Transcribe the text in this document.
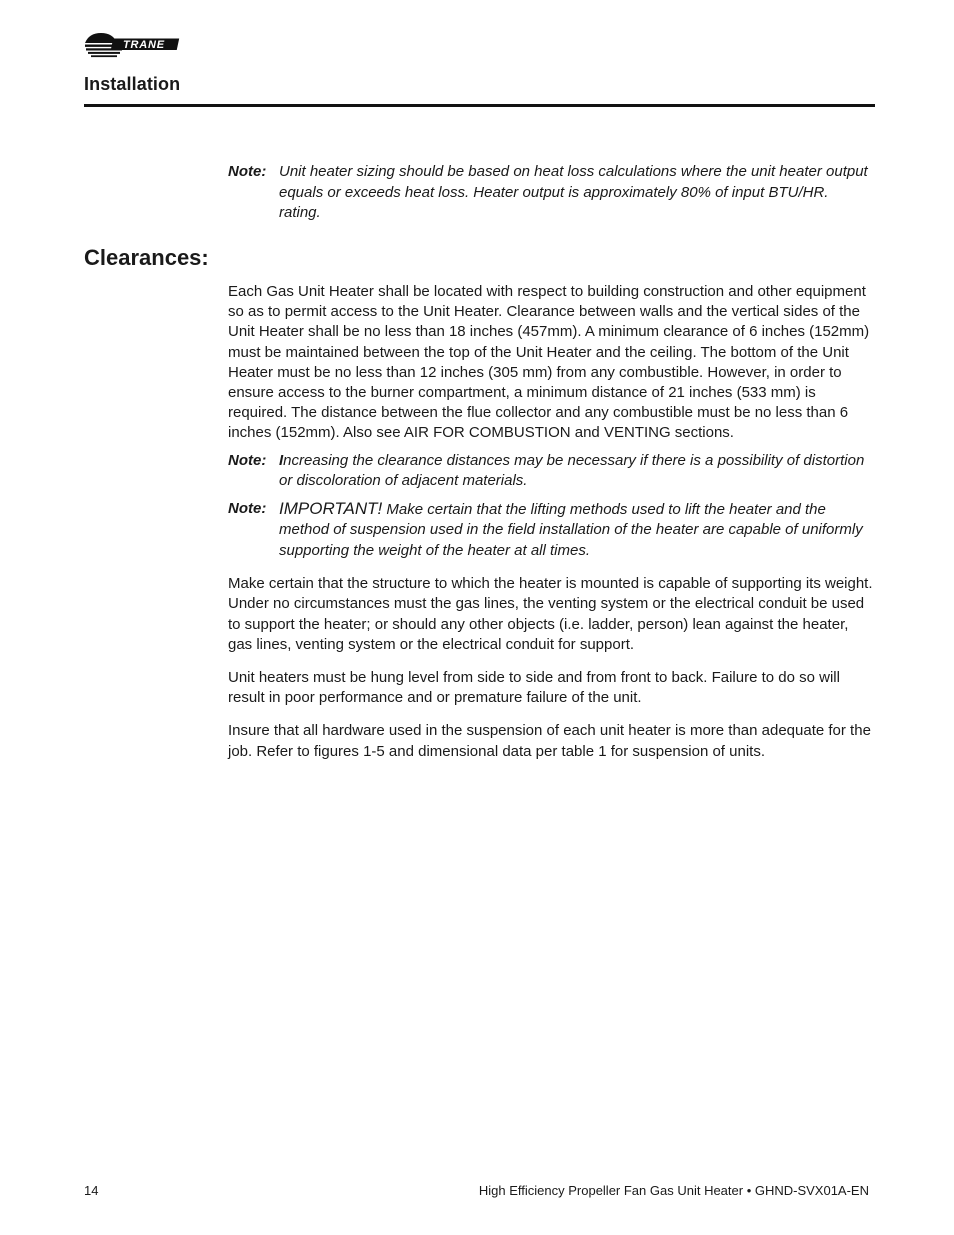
TRANE
Installation
Note: Unit heater sizing should be based on heat loss calculations where the unit heater output equals or exceeds heat loss. Heater output is approximately 80% of input BTU/HR. rating.
Clearances:

Each Gas Unit Heater shall be located with respect to building construction and other equipment so as to permit access to the Unit Heater. Clearance between walls and the vertical sides of the Unit Heater shall be no less than 18 inches (457mm). A minimum clearance of 6 inches (152mm) must be maintained between the top of the Unit Heater and the ceiling. The bottom of the Unit Heater must be no less than 12 inches (305 mm) from any combustible. However, in order to ensure access to the burner compartment, a minimum distance of 21 inches (533 mm) is required. The distance between the flue collector and any combustible must be no less than 6 inches (152mm). Also see AIR FOR COMBUSTION and VENTING sections.

Note: Increasing the clearance distances may be necessary if there is a possibility of distortion or discoloration of adjacent materials.
Note: IMPORTANT! Make certain that the lifting methods used to lift the heater and the method of suspension used in the field installation of the heater are capable of uniformly supporting the weight of the heater at all times.

Make certain that the structure to which the heater is mounted is capable of supporting its weight. Under no circumstances must the gas lines, the venting system or the electrical conduit be used to support the heater; or should any other objects (i.e. ladder, person) lean against the heater, gas lines, venting system or the electrical conduit for support.

Unit heaters must be hung level from side to side and from front to back. Failure to do so will result in poor performance and or premature failure of the unit.

Insure that all hardware used in the suspension of each unit heater is more than adequate for the job. Refer to figures 1-5 and dimensional data per table 1 for suspension of units.

14	High Efficiency Propeller Fan Gas Unit Heater • GHND-SVX01A-EN
